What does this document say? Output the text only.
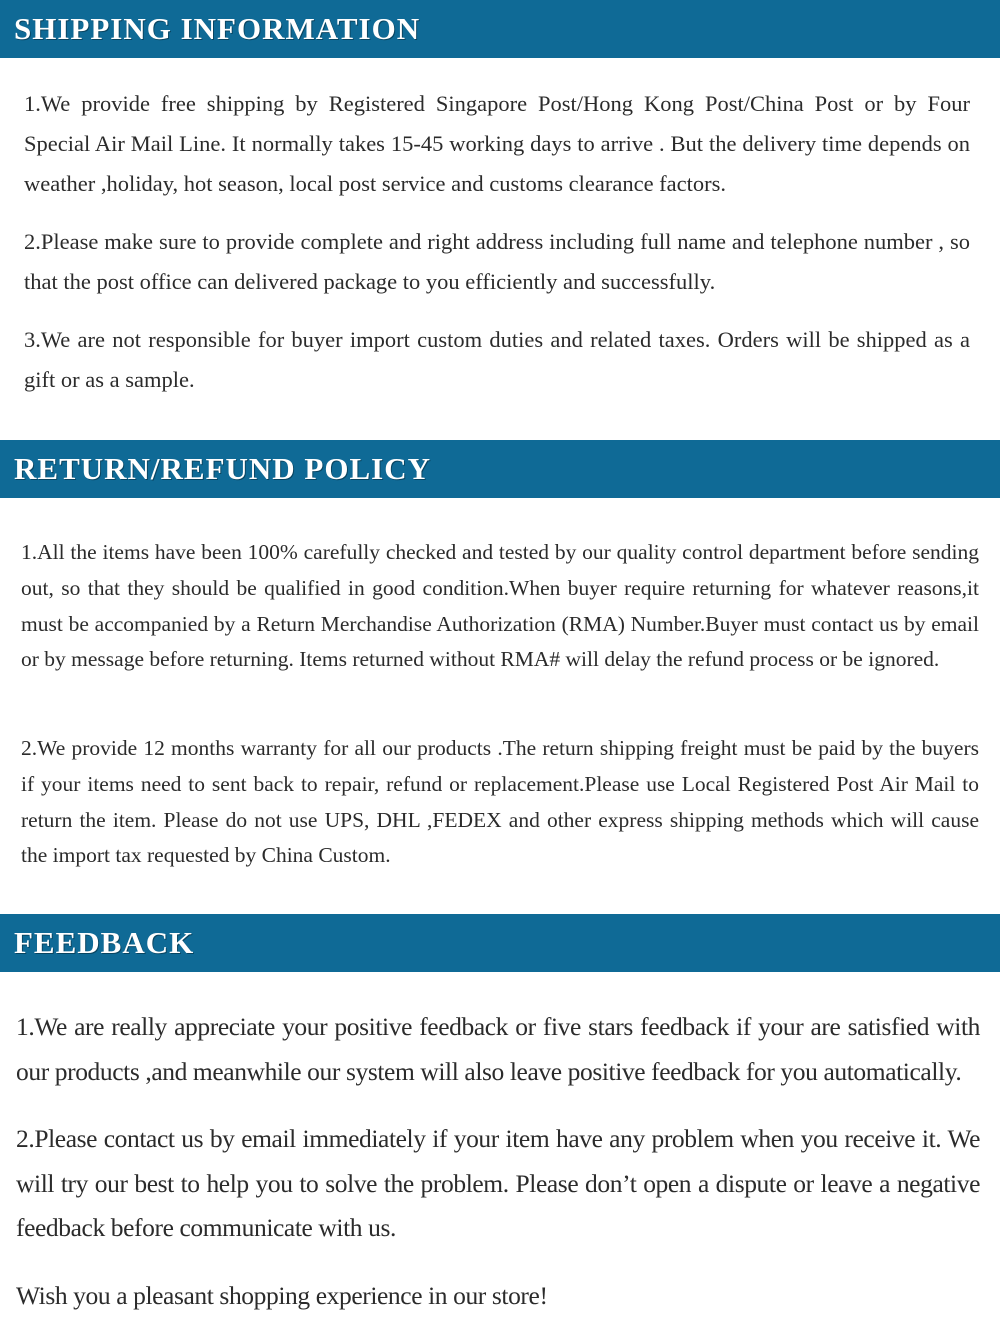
SHIPPING INFORMATION

1.We provide free shipping by Registered Singapore Post/Hong Kong Post/China Post or by Four Special Air Mail Line. It normally takes 15-45 working days to arrive . But the delivery time depends on weather ,holiday, hot season, local post service and customs clearance factors.

2.Please make sure to provide complete and right address including full name and telephone number , so that the post office can delivered package to you efficiently and successfully.

3.We are not responsible for buyer import custom duties and related taxes. Orders will be shipped as a gift or as a sample.

RETURN/REFUND POLICY

1.All the items have been 100% carefully checked and tested by our quality control department before sending out, so that they should be qualified in good condition.When buyer require returning for whatever reasons,it must be accompanied by a Return Merchandise Authorization (RMA) Number.Buyer must contact us by email or by message before returning. Items returned without RMA# will delay the refund process or be ignored.

2.We provide 12 months warranty for all our products .The return shipping freight must be paid by the buyers if your items need to sent back to repair, refund or replacement.Please use Local Registered Post Air Mail to return the item. Please do not use UPS, DHL ,FEDEX and other express shipping methods which will cause the import tax requested by China Custom.

FEEDBACK

1.We are really appreciate your positive feedback or five stars feedback if your are satisfied with our products ,and meanwhile our system will also leave positive feedback for you automatically.

2.Please contact us by email immediately if your item have any problem when you receive it. We will try our best to help you to solve the problem. Please don’t open a dispute or leave a negative feedback before communicate with us.

Wish you a pleasant shopping experience in our store!
